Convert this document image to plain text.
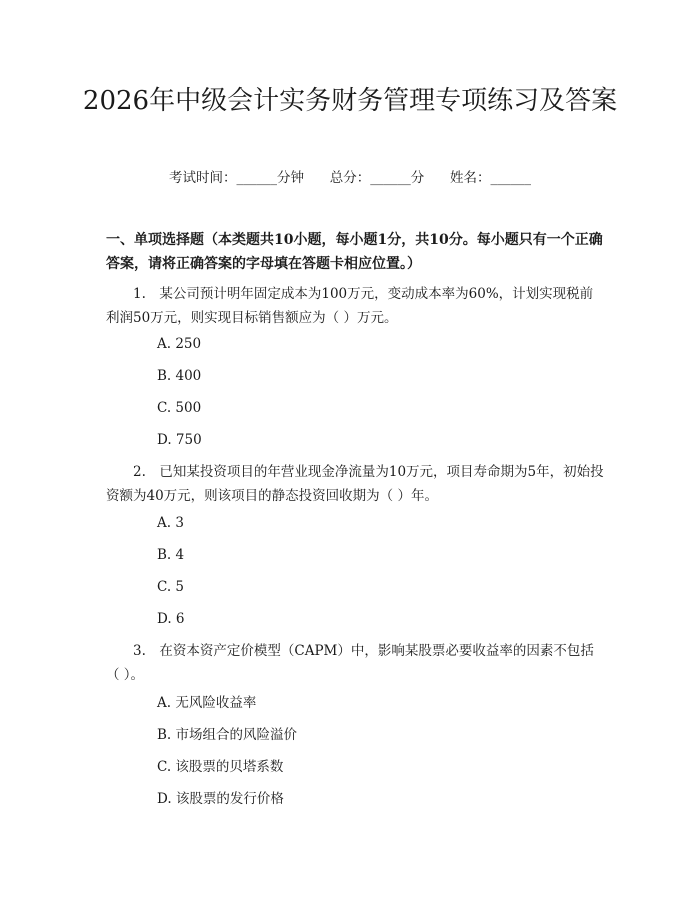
2026年中级会计实务财务管理专项练习及答案
考试时间：______分钟      总分：______分      姓名：______
一、单项选择题（本类题共10小题，每小题1分，共10分。每小题只有一个正确答案，请将正确答案的字母填在答题卡相应位置。）
1.　某公司预计明年固定成本为100万元，变动成本率为60%，计划实现税前利润50万元，则实现目标销售额应为（ ）万元。
A. 250
B. 400
C. 500
D. 750
2.　已知某投资项目的年营业现金净流量为10万元，项目寿命期为5年，初始投资额为40万元，则该项目的静态投资回收期为（ ）年。
A. 3
B. 4
C. 5
D. 6
3.　在资本资产定价模型（CAPM）中，影响某股票必要收益率的因素不包括（ ）。
A. 无风险收益率
B. 市场组合的风险溢价
C. 该股票的贝塔系数
D. 该股票的发行价格
